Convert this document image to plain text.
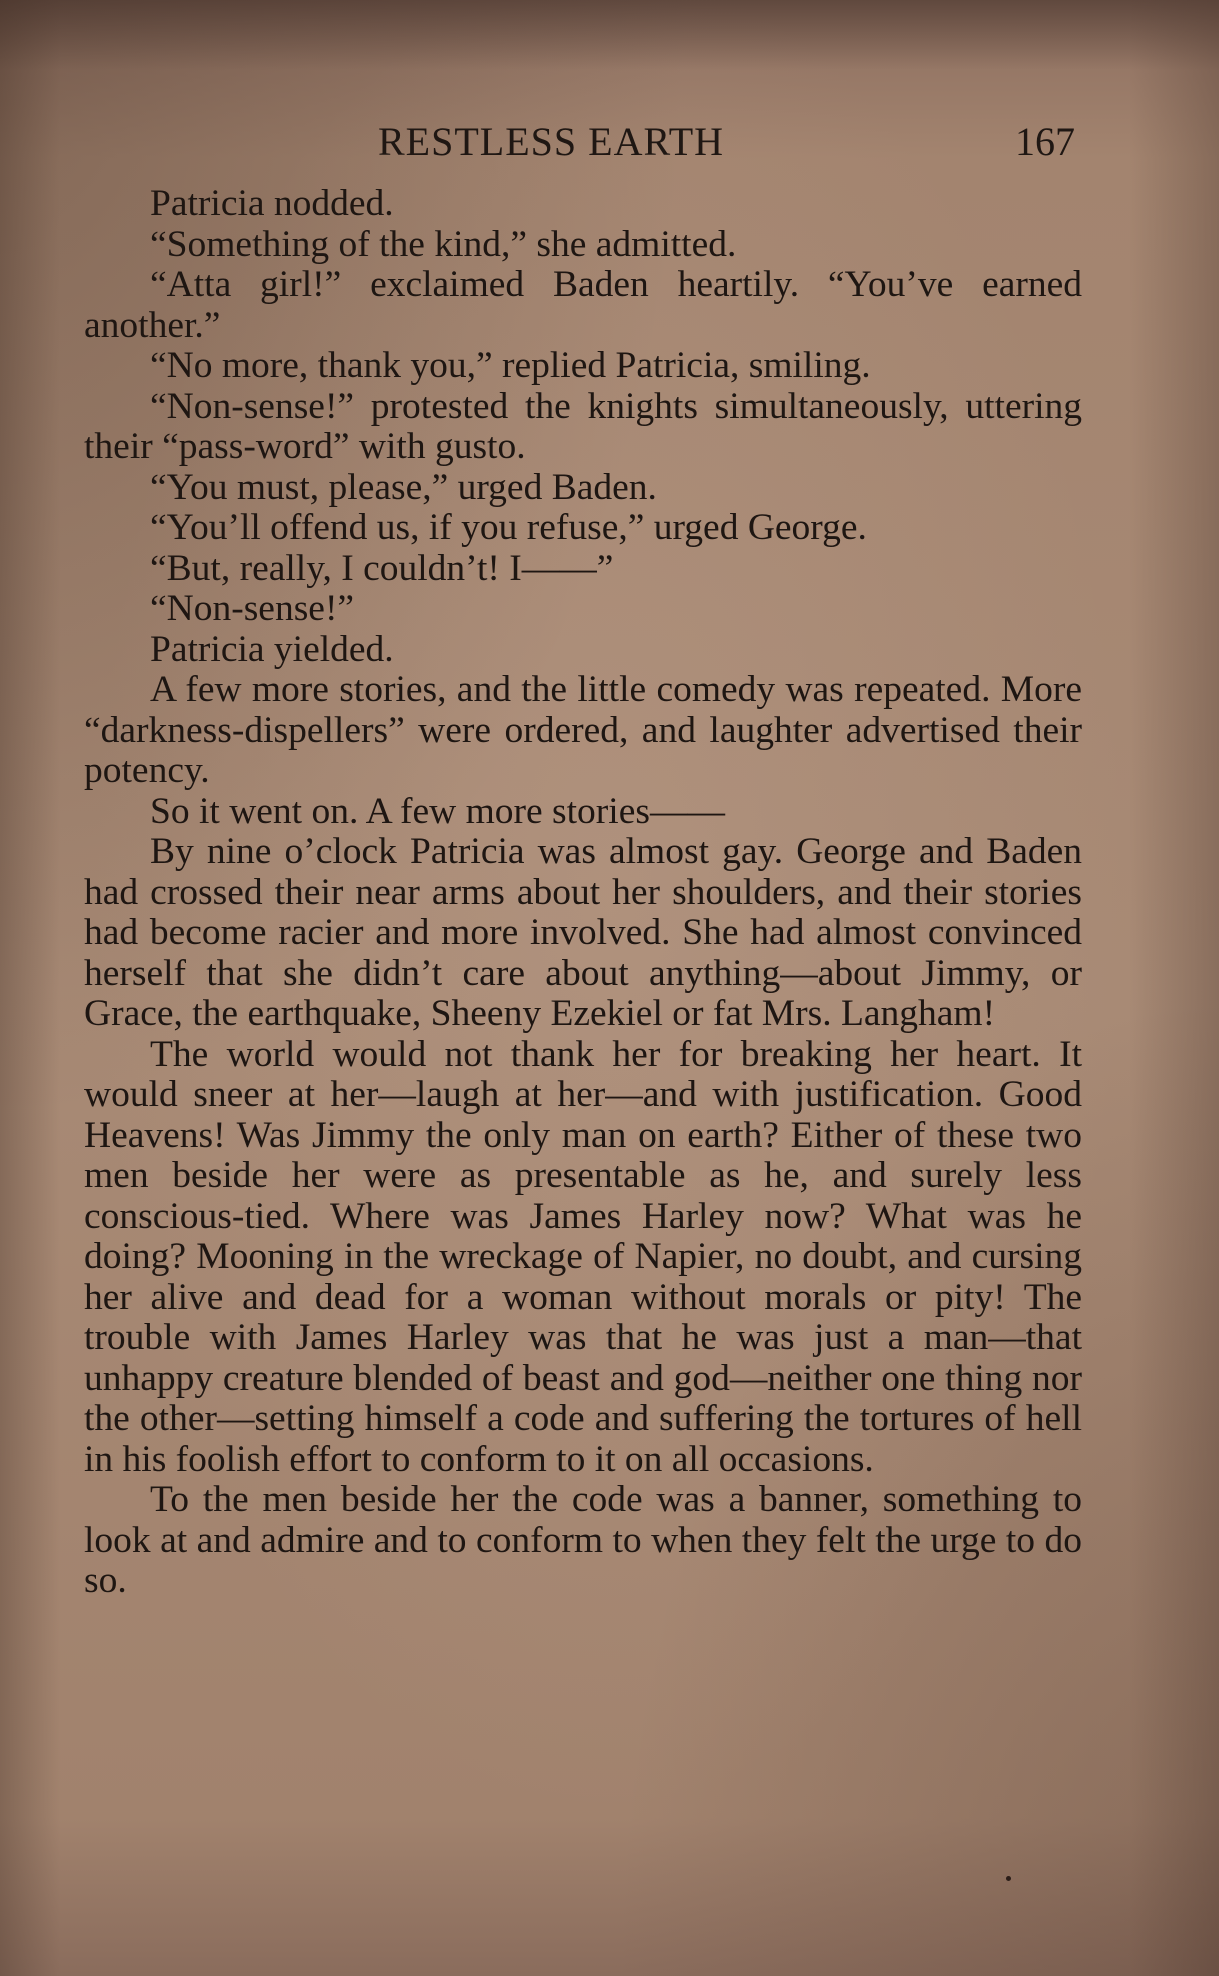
RESTLESS EARTH	167

Patricia nodded.

“Something of the kind,” she admitted.

“Atta girl!” exclaimed Baden heartily. “You’ve earned another.”

“No more, thank you,” replied Patricia, smiling.

“Non-sense!” protested the knights simultaneously, uttering their “pass-word” with gusto.

“You must, please,” urged Baden.

“You’ll offend us, if you refuse,” urged George.

“But, really, I couldn’t! I——”

“Non-sense!”

Patricia yielded.

A few more stories, and the little comedy was repeated. More “darkness-dispellers” were ordered, and laughter advertised their potency.

So it went on. A few more stories——

By nine o’clock Patricia was almost gay. George and Baden had crossed their near arms about her shoulders, and their stories had become racier and more involved. She had almost convinced herself that she didn’t care about anything—about Jimmy, or Grace, the earthquake, Sheeny Ezekiel or fat Mrs. Langham!

The world would not thank her for breaking her heart. It would sneer at her—laugh at her—and with justification. Good Heavens! Was Jimmy the only man on earth? Either of these two men beside her were as presentable as he, and surely less conscious-tied. Where was James Harley now? What was he doing? Mooning in the wreckage of Napier, no doubt, and cursing her alive and dead for a woman without morals or pity! The trouble with James Harley was that he was just a man—that unhappy creature blended of beast and god—neither one thing nor the other—setting himself a code and suffering the tortures of hell in his foolish effort to conform to it on all occasions.

To the men beside her the code was a banner, something to look at and admire and to conform to when they felt the urge to do so.
